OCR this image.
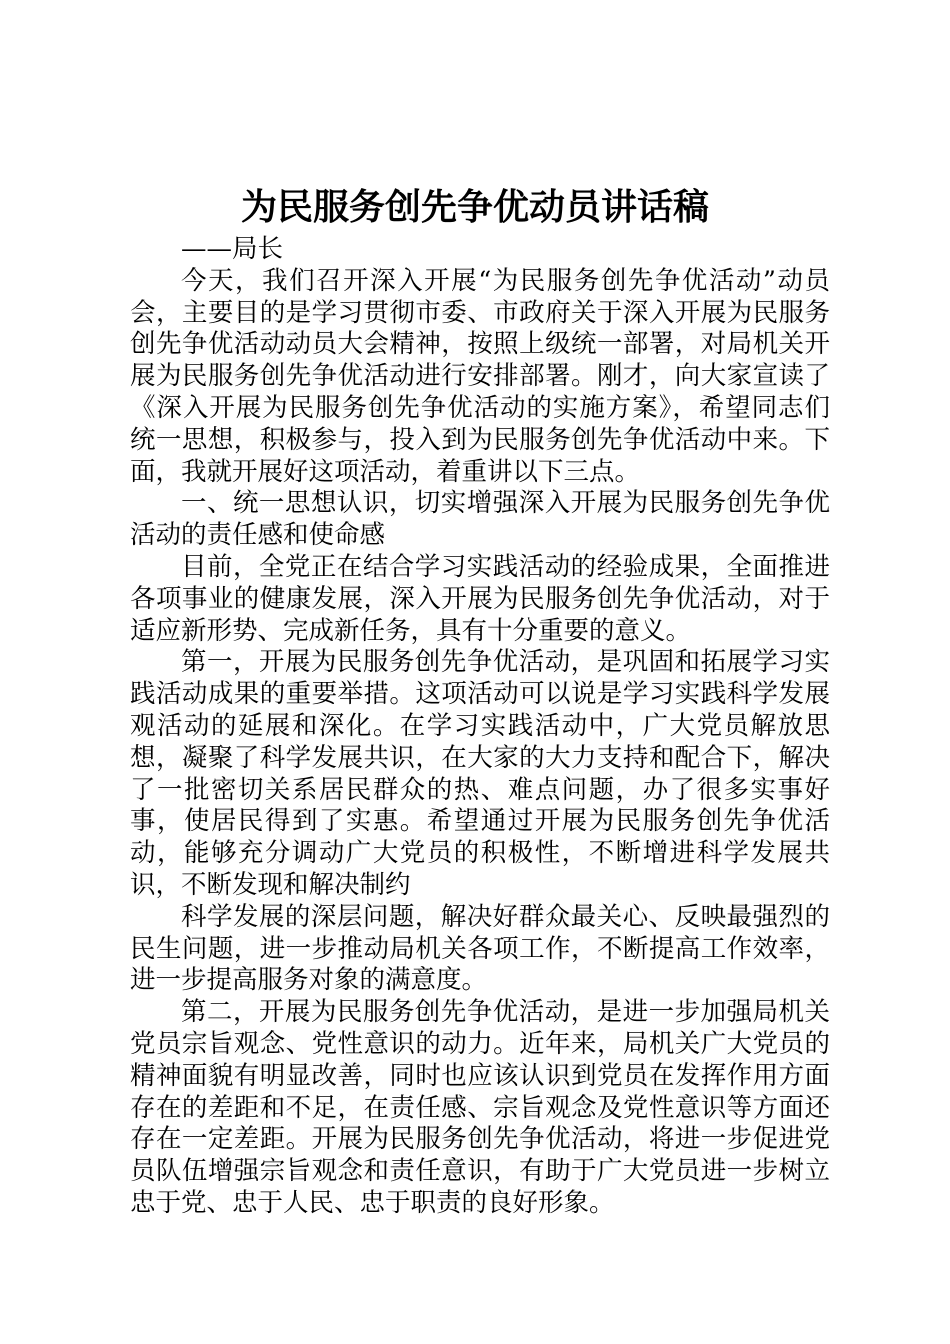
为民服务创先争优动员讲话稿

——局长

今天，我们召开深入开展“为民服务创先争优活动”动员会，主要目的是学习贯彻市委、市政府关于深入开展为民服务创先争优活动动员大会精神，按照上级统一部署，对局机关开展为民服务创先争优活动进行安排部署。刚才，向大家宣读了《深入开展为民服务创先争优活动的实施方案》，希望同志们统一思想，积极参与，投入到为民服务创先争优活动中来。下面，我就开展好这项活动，着重讲以下三点。

一、统一思想认识，切实增强深入开展为民服务创先争优活动的责任感和使命感

目前，全党正在结合学习实践活动的经验成果，全面推进各项事业的健康发展，深入开展为民服务创先争优活动，对于适应新形势、完成新任务，具有十分重要的意义。

第一，开展为民服务创先争优活动，是巩固和拓展学习实践活动成果的重要举措。这项活动可以说是学习实践科学发展观活动的延展和深化。在学习实践活动中，广大党员解放思想，凝聚了科学发展共识，在大家的大力支持和配合下，解决了一批密切关系居民群众的热、难点问题，办了很多实事好事，使居民得到了实惠。希望通过开展为民服务创先争优活动，能够充分调动广大党员的积极性，不断增进科学发展共识，不断发现和解决制约

科学发展的深层问题，解决好群众最关心、反映最强烈的民生问题，进一步推动局机关各项工作，不断提高工作效率，进一步提高服务对象的满意度。

第二，开展为民服务创先争优活动，是进一步加强局机关党员宗旨观念、党性意识的动力。近年来，局机关广大党员的精神面貌有明显改善，同时也应该认识到党员在发挥作用方面存在的差距和不足，在责任感、宗旨观念及党性意识等方面还存在一定差距。开展为民服务创先争优活动，将进一步促进党员队伍增强宗旨观念和责任意识，有助于广大党员进一步树立忠于党、忠于人民、忠于职责的良好形象。
